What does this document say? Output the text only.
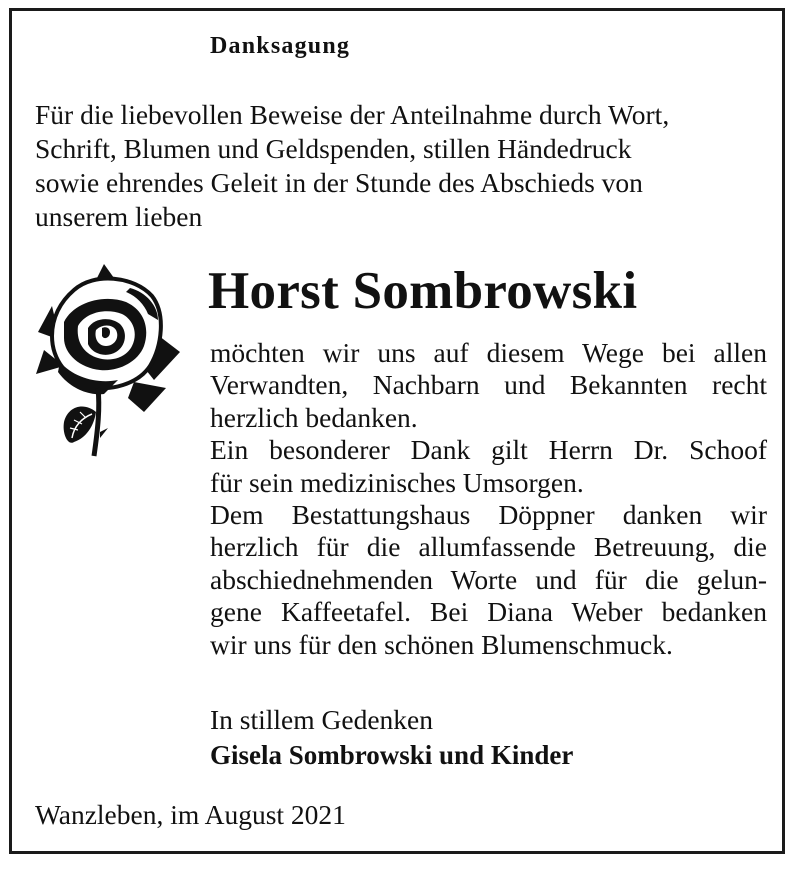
Danksagung

Für die liebevollen Beweise der Anteilnahme durch Wort,
Schrift, Blumen und Geldspenden, stillen Händedruck
sowie ehrendes Geleit in der Stunde des Abschieds von
unserem lieben

Horst Sombrowski

möchten wir uns auf diesem Wege bei allen
Verwandten, Nachbarn und Bekannten recht
herzlich bedanken.
Ein besonderer Dank gilt Herrn Dr. Schoof
für sein medizinisches Umsorgen.
Dem Bestattungshaus Döppner danken wir
herzlich für die allumfassende Betreuung, die
abschiednehmenden Worte und für die gelun-
gene Kaffeetafel. Bei Diana Weber bedanken
wir uns für den schönen Blumenschmuck.

In stillem Gedenken

Gisela Sombrowski und Kinder

Wanzleben, im August 2021
